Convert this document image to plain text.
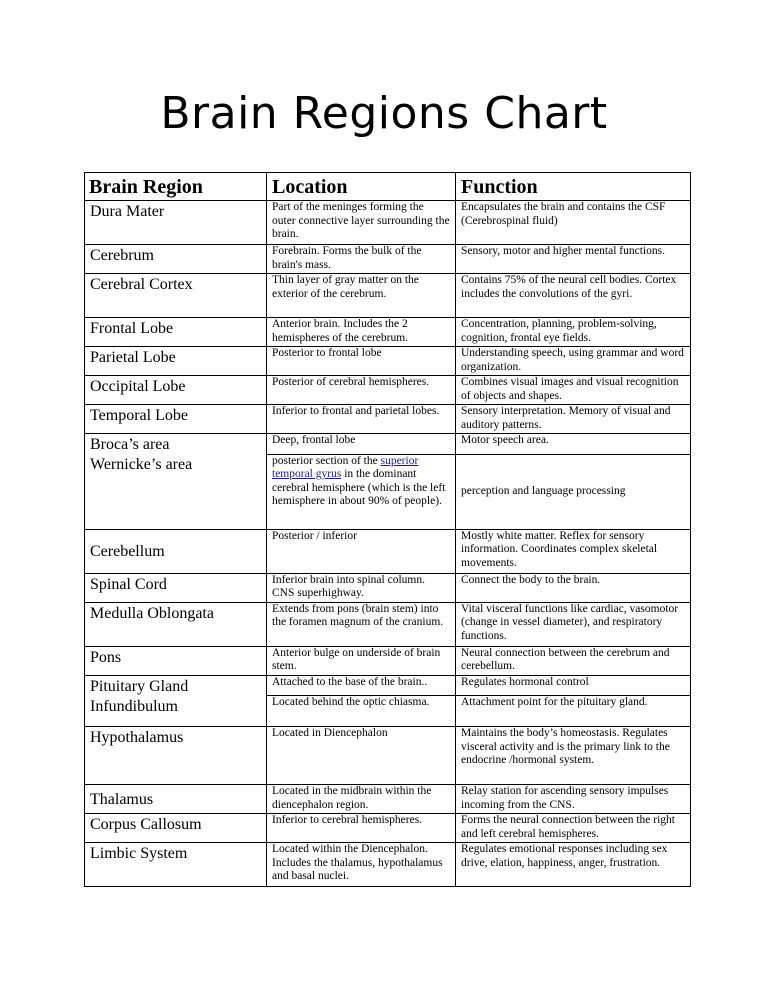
Brain Regions Chart
Brain Region	Location	Function
Dura Mater	Part of the meninges forming the outer connective layer surrounding the brain.	Encapsulates the brain and contains the CSF (Cerebrospinal fluid)
Cerebrum	Forebrain. Forms the bulk of the brain's mass.	Sensory, motor and higher mental functions.
Cerebral Cortex	Thin layer of gray matter on the exterior of the cerebrum.	Contains 75% of the neural cell bodies. Cortex includes the convolutions of the gyri.
Frontal Lobe	Anterior brain. Includes the 2 hemispheres of the cerebrum.	Concentration, planning, problem-solving, cognition, frontal eye fields.
Parietal Lobe	Posterior to frontal lobe	Understanding speech, using grammar and word organization.
Occipital Lobe	Posterior of cerebral hemispheres.	Combines visual images and visual recognition of objects and shapes.
Temporal Lobe	Inferior to frontal and parietal lobes.	Sensory interpretation. Memory of visual and auditory patterns.
Broca’s area	Deep, frontal lobe	Motor speech area.
Wernicke’s area	posterior section of the superior temporal gyrus in the dominant cerebral hemisphere (which is the left hemisphere in about 90% of people).	perception and language processing
Cerebellum	Posterior / inferior	Mostly white matter. Reflex for sensory information. Coordinates complex skeletal movements.
Spinal Cord	Inferior brain into spinal column. CNS superhighway.	Connect the body to the brain.
Medulla Oblongata	Extends from pons (brain stem) into the foramen magnum of the cranium.	Vital visceral functions like cardiac, vasomotor (change in vessel diameter), and respiratory functions.
Pons	Anterior bulge on underside of brain stem.	Neural connection between the cerebrum and cerebellum.
Pituitary Gland	Attached to the base of the brain..	Regulates hormonal control
Infundibulum	Located behind the optic chiasma.	Attachment point for the pituitary gland.
Hypothalamus	Located in Diencephalon	Maintains the body’s homeostasis. Regulates visceral activity and is the primary link to the endocrine /hormonal system.
Thalamus	Located in the midbrain within the diencephalon region.	Relay station for ascending sensory impulses incoming from the CNS.
Corpus Callosum	Inferior to cerebral hemispheres.	Forms the neural connection between the right and left cerebral hemispheres.
Limbic System	Located within the Diencephalon. Includes the thalamus, hypothalamus and basal nuclei.	Regulates emotional responses including sex drive, elation, happiness, anger, frustration.
